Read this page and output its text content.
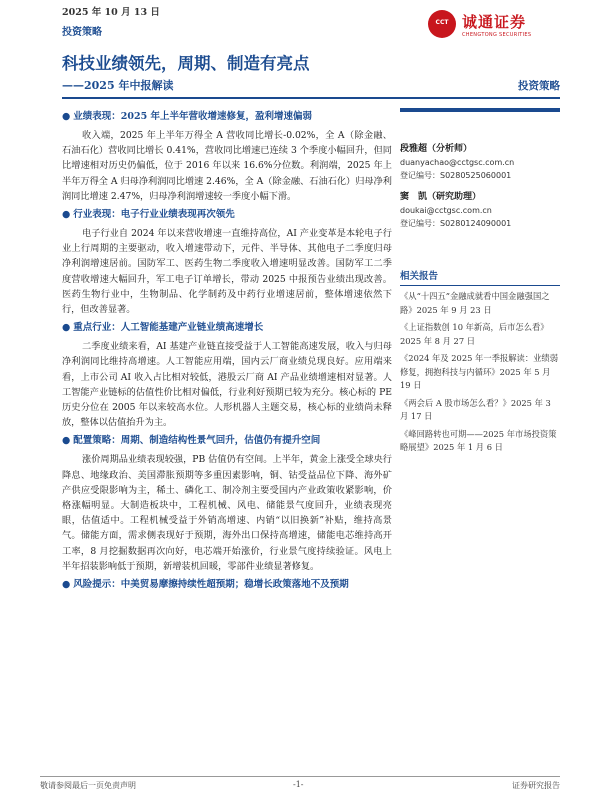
2025 年 10 月 13 日
投资策略
CCT 诚通证券
CHENGTONG SECURITIES
科技业绩领先，周期、制造有亮点
——2025 年中报解读	投资策略
● 业绩表现：2025 年上半年营收增速修复，盈利增速偏弱

收入端，2025 年上半年万得全 A 营收同比增长-0.02%，全 A（除金融、石油石化）营收同比增长 0.41%，营收同比增速已连续 3 个季度小幅回升，但同比增速相对历史仍偏低，位于 2016 年以来 16.6%分位数。利润端，2025 年上半年万得全 A 归母净利润同比增速 2.46%，全 A（除金融、石油石化）归母净利润同比增速 2.47%，归母净利润增速较一季度小幅下滑。

● 行业表现：电子行业业绩表现再次领先

电子行业自 2024 年以来营收增速一直维持高位，AI 产业变革是本轮电子行业上行周期的主要驱动，收入增速带动下，元件、半导体、其他电子二季度归母净利润增速居前。国防军工、医药生物二季度收入增速明显改善。国防军工二季度营收增速大幅回升，军工电子订单增长，带动 2025 中报预告业绩出现改善。医药生物行业中，生物制品、化学制药及中药行业增速居前，整体增速依然下行，但改善显著。

● 重点行业：人工智能基建产业链业绩高速增长

二季度业绩来看，AI 基建产业链直接受益于人工智能高速发展，收入与归母净利润同比维持高增速。人工智能应用端，国内云厂商业绩兑现良好。应用端来看，上市公司 AI 收入占比相对较低，港股云厂商 AI 产品业绩增速相对显著。人工智能产业链标的估值性价比相对偏低，行业利好预期已较为充分。核心标的 PE 历史分位在 2005 年以来较高水位。人形机器人主题交易，核心标的业绩尚未释放，整体以估值抬升为主。

● 配置策略：周期、制造结构性景气回升，估值仍有提升空间

涨价周期品业绩表现较强，PB 估值仍有空间。上半年，黄金上涨受全球央行降息、地缘政治、美国滞胀预期等多重因素影响，铜、钴受益品位下降、海外矿产供应受限影响为主，稀土、磷化工、制冷剂主要受国内产业政策收紧影响，价格涨幅明显。大制造板块中，工程机械、风电、储能景气度回升，业绩表现亮眼，估值适中。工程机械受益于外销高增速、内销“以旧换新”补贴，维持高景气。储能方面，需求侧表现好于预期，海外出口保持高增速，储能电芯维持高开工率，8 月挖掘数据再次向好，电芯端开始涨价，行业景气度持续验证。风电上半年招装影响低于预期，新增装机回暖，零部件业绩显著修复。

● 风险提示：中美贸易摩擦持续性超预期；稳增长政策落地不及预期
段雅超（分析师）
duanyachao@cctgsc.com.cn
登记编号：S0280525060001
窦　凯（研究助理）
doukai@cctgsc.com.cn
登记编号：S0280124090001
相关报告
《从“十四五”金融成就看中国金融强国之路》2025 年 9 月 23 日
《上证指数创 10 年新高，后市怎么看》2025 年 8 月 27 日
《2024 年及 2025 年一季报解读：业绩弱修复，拥抱科技与内循环》2025 年 5 月 19 日
《两会后 A 股市场怎么看？》2025 年 3 月 17 日
《峰回路转也可期——2025 年市场投资策略展望》2025 年 1 月 6 日
敬请参阅最后一页免责声明	-1-	证券研究报告
